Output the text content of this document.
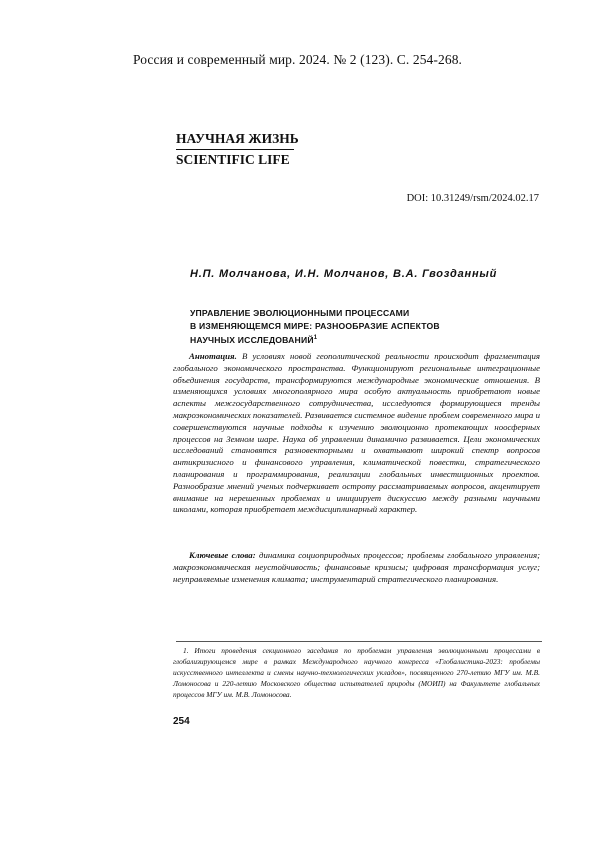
Россия и современный мир. 2024. № 2 (123). С. 254-268.
НАУЧНАЯ ЖИЗНЬ
SCIENTIFIC LIFE
DOI: 10.31249/rsm/2024.02.17
Н.П. Молчанова, И.Н. Молчанов, В.А. Гвозданный
УПРАВЛЕНИЕ ЭВОЛЮЦИОННЫМИ ПРОЦЕССАМИ
В ИЗМЕНЯЮЩЕМСЯ МИРЕ: РАЗНООБРАЗИЕ АСПЕКТОВ
НАУЧНЫХ ИССЛЕДОВАНИЙ$^1$
Аннотация. В условиях новой геополитической реальности происходит фрагментация глобального экономического пространства. Функционируют региональные интеграционные объединения государств, трансформируются международные экономические отношения. В изменяющихся условиях многополярного мира особую актуальность приобретают новые аспекты межгосударственного сотрудничества, исследуются формирующиеся тренды макроэкономических показателей. Развивается системное видение проблем современного мира и совершенствуются научные подходы к изучению эволюционно протекающих ноосферных процессов на Земном шаре. Наука об управлении динамично развивается. Цели экономических исследований становятся разновекторными и охватывают широкий спектр вопросов антикризисного и финансового управления, климатической повестки, стратегического планирования и программирования, реализации глобальных инвестиционных проектов. Разнообразие мнений ученых подчеркивает остроту рассматриваемых вопросов, акцентирует внимание на нерешенных проблемах и инициирует дискуссию между разными научными школами, которая приобретает междисциплинарный характер.
Ключевые слова: динамика социоприродных процессов; проблемы глобального управления; макроэкономическая неустойчивость; финансовые кризисы; цифровая трансформация услуг; неуправляемые изменения климата; инструментарий стратегического планирования.
1. Итоги проведения секционного заседания по проблемам управления эволюционными процессами в глобализирующемся мире в рамках Международного научного конгресса «Глобалистика-2023: проблемы искусственного интеллекта и смены научно-технологических укладов», посвященного 270-летию МГУ им. М.В. Ломоносова и 220-летию Московского общества испытателей природы (МОИП) на Факультете глобальных процессов МГУ им. М.В. Ломоносова.
254
